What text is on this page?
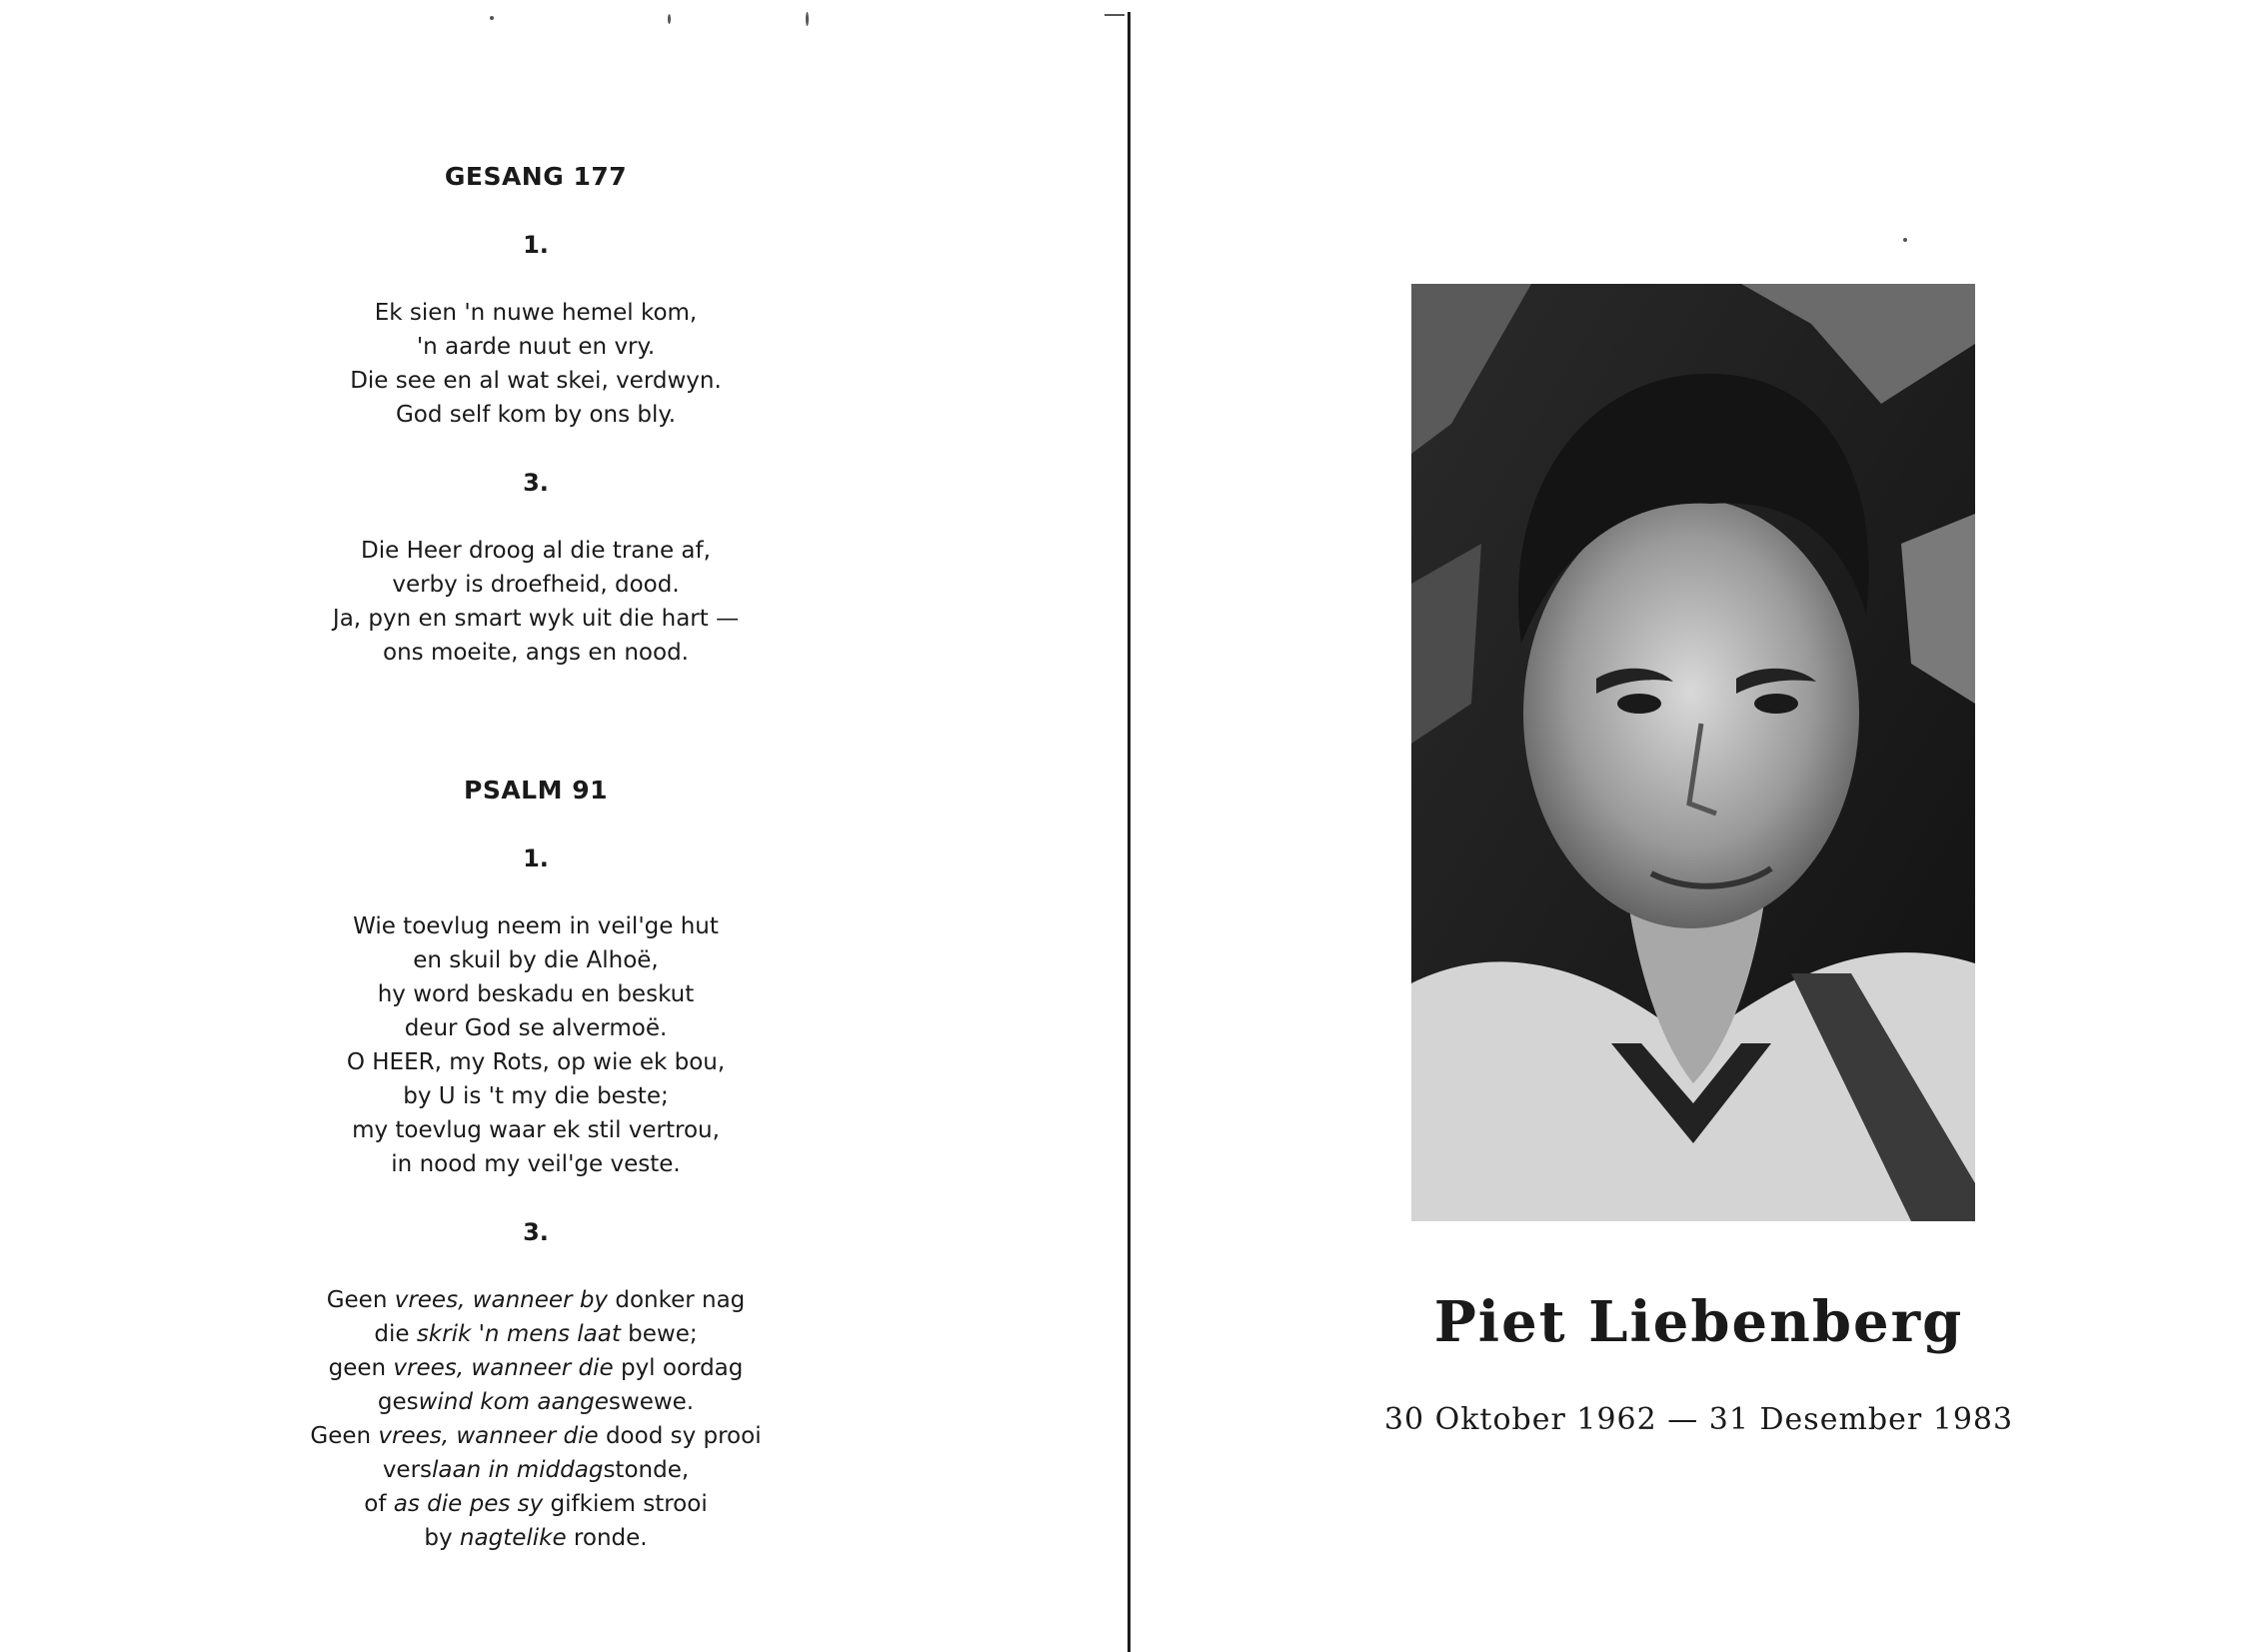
GESANG 177

1.

Ek sien 'n nuwe hemel kom,

'n aarde nuut en vry.

Die see en al wat skei, verdwyn.

God self kom by ons bly.

3.

Die Heer droog al die trane af,

verby is droefheid, dood.

Ja, pyn en smart wyk uit die hart —

ons moeite, angs en nood.

PSALM 91

1.

Wie toevlug neem in veil'ge hut

en skuil by die Alhoë,

hy word beskadu en beskut

deur God se alvermoë.

O HEER, my Rots, op wie ek bou,

by U is 't my die beste;

my toevlug waar ek stil vertrou,

in nood my veil'ge veste.

3.

Geen vrees, wanneer by donker nag

die skrik 'n mens laat bewe;

geen vrees, wanneer die pyl oordag

geswind kom aangeswewe.

Geen vrees, wanneer die dood sy prooi

verslaan in middagstonde,

of as die pes sy gifkiem strooi

by nagtelike ronde.

Piet Liebenberg

30 Oktober 1962 — 31 Desember 1983
